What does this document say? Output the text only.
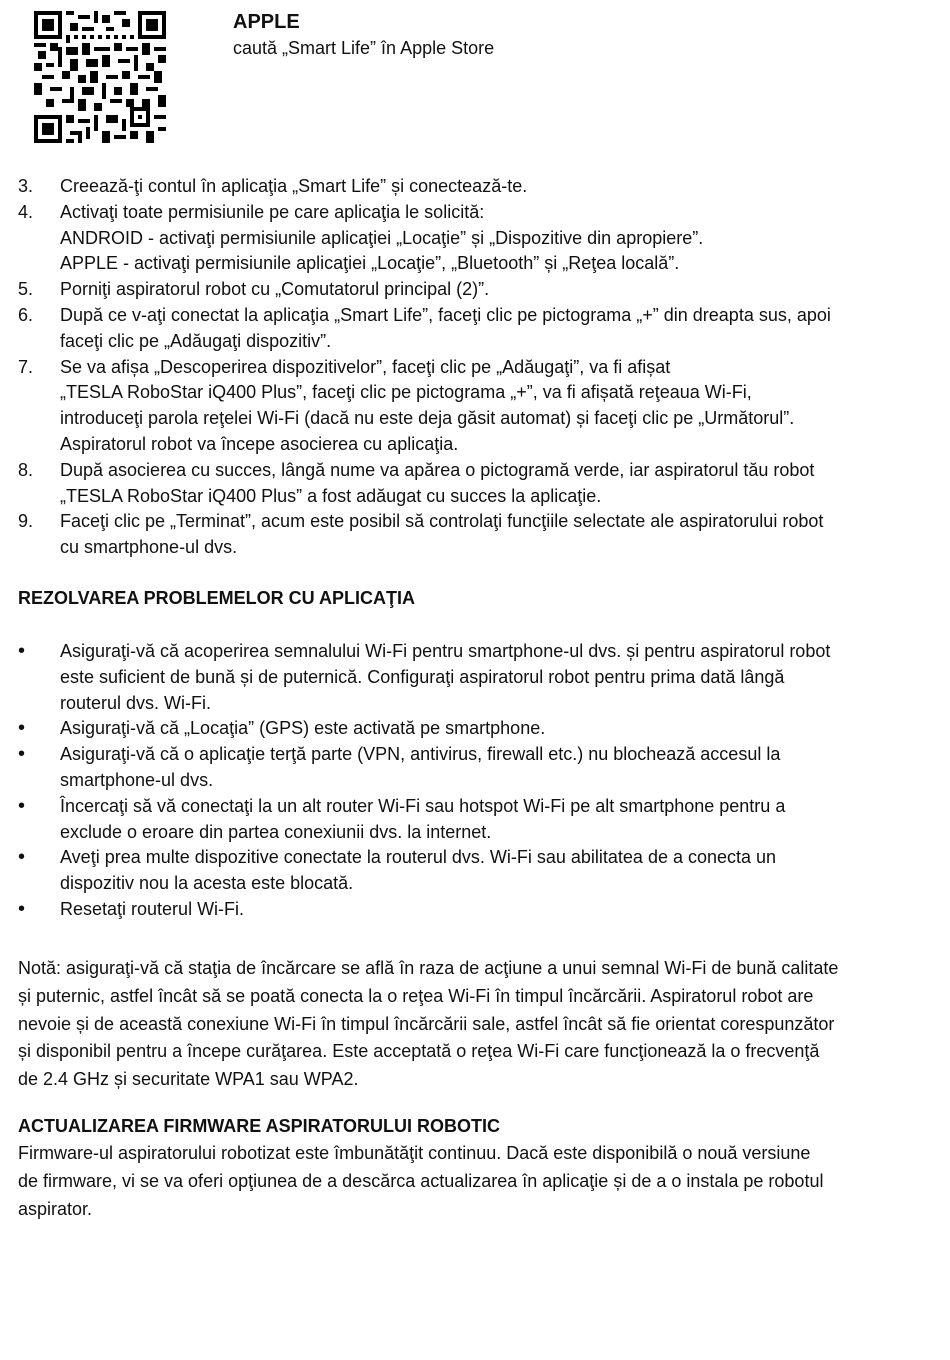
APPLE
caută „Smart Life” în Apple Store
3. Creează-ţi contul în aplicaţia „Smart Life” și conectează-te.
4. Activaţi toate permisiunile pe care aplicaţia le solicită:
ANDROID - activaţi permisiunile aplicaţiei „Locaţie” și „Dispozitive din apropiere”.
APPLE - activaţi permisiunile aplicaţiei „Locaţie”, „Bluetooth” și „Reţea locală”.
5. Porniţi aspiratorul robot cu „Comutatorul principal (2)”.
6. După ce v-aţi conectat la aplicaţia „Smart Life”, faceţi clic pe pictograma „+” din dreapta sus, apoi
faceţi clic pe „Adăugaţi dispozitiv”.
7. Se va afișa „Descoperirea dispozitivelor”, faceţi clic pe „Adăugaţi”, va fi afișat
„TESLA RoboStar iQ400 Plus”, faceţi clic pe pictograma „+”, va fi afișată reţeaua Wi-Fi,
introduceţi parola reţelei Wi-Fi (dacă nu este deja găsit automat) și faceţi clic pe „Următorul”.
Aspiratorul robot va începe asocierea cu aplicaţia.
8. După asocierea cu succes, lângă nume va apărea o pictogramă verde, iar aspiratorul tău robot
„TESLA RoboStar iQ400 Plus” a fost adăugat cu succes la aplicaţie.
9. Faceţi clic pe „Terminat”, acum este posibil să controlaţi funcţiile selectate ale aspiratorului robot
cu smartphone-ul dvs.
REZOLVAREA PROBLEMELOR CU APLICAŢIA
• Asiguraţi-vă că acoperirea semnalului Wi-Fi pentru smartphone-ul dvs. și pentru aspiratorul robot
este suficient de bună și de puternică. Configuraţi aspiratorul robot pentru prima dată lângă
routerul dvs. Wi-Fi.
• Asiguraţi-vă că „Locaţia” (GPS) este activată pe smartphone.
• Asiguraţi-vă că o aplicaţie terţă parte (VPN, antivirus, firewall etc.) nu blochează accesul la
smartphone-ul dvs.
• Încercaţi să vă conectaţi la un alt router Wi-Fi sau hotspot Wi-Fi pe alt smartphone pentru a
exclude o eroare din partea conexiunii dvs. la internet.
• Aveţi prea multe dispozitive conectate la routerul dvs. Wi-Fi sau abilitatea de a conecta un
dispozitiv nou la acesta este blocată.
• Resetaţi routerul Wi-Fi.
Notă: asiguraţi-vă că staţia de încărcare se află în raza de acţiune a unui semnal Wi-Fi de bună calitate
și puternic, astfel încât să se poată conecta la o reţea Wi-Fi în timpul încărcării. Aspiratorul robot are
nevoie și de această conexiune Wi-Fi în timpul încărcării sale, astfel încât să fie orientat corespunzător
și disponibil pentru a începe curăţarea. Este acceptată o reţea Wi-Fi care funcţionează la o frecvenţă
de 2.4 GHz și securitate WPA1 sau WPA2.
ACTUALIZAREA FIRMWARE ASPIRATORULUI ROBOTIC
Firmware-ul aspiratorului robotizat este îmbunătăţit continuu. Dacă este disponibilă o nouă versiune
de firmware, vi se va oferi opţiunea de a descărca actualizarea în aplicaţie și de a o instala pe robotul
aspirator.
